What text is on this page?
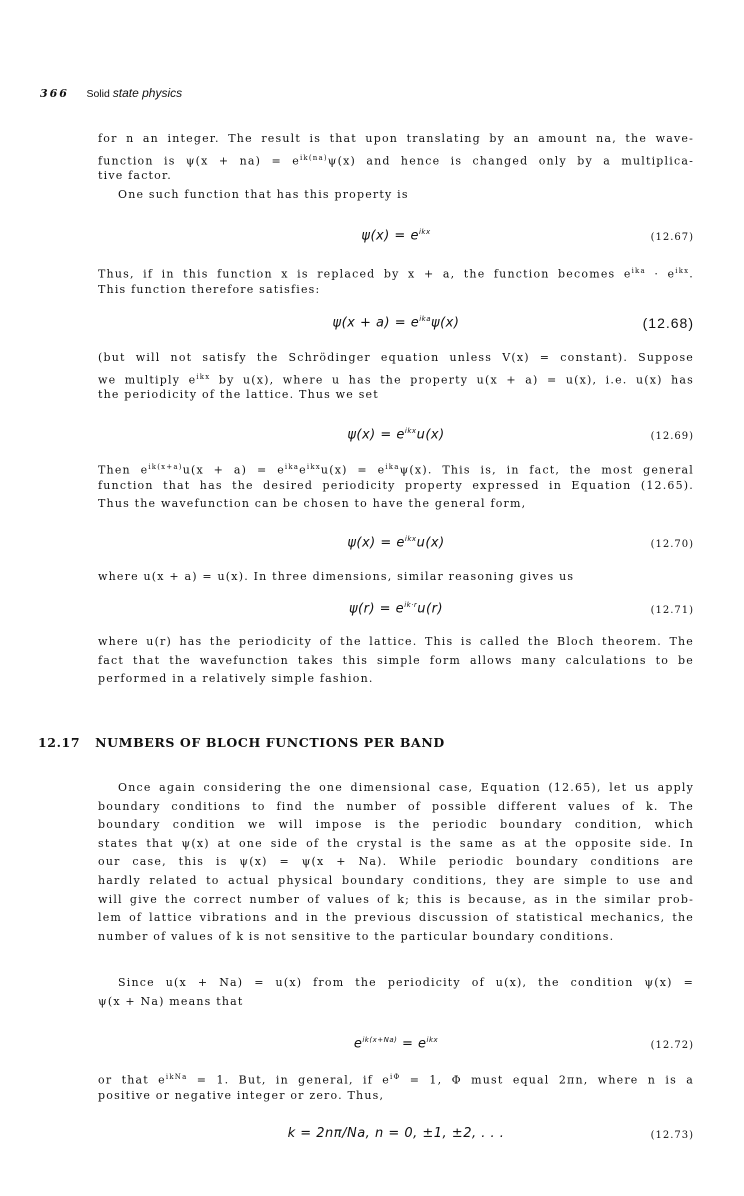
366 Solid state physics
for n an integer. The result is that upon translating by an amount na, the wave-
function is $\psi(x + na) = e^{ik(na)}\psi(x)$ and hence is changed only by a multiplica-
tive factor.
One such function that has this property is
$\psi(x) = e^{ikx}$	(12.67)
Thus, if in this function x is replaced by x + a, the function becomes $e^{ika} \cdot e^{ikx}$.
This function therefore satisfies:
$\psi(x + a) = e^{ika}\psi(x)$	(12.68)
(but will not satisfy the Schrödinger equation unless V(x) = constant). Suppose
we multiply $e^{ikx}$ by u(x), where u has the property u(x + a) = u(x), i.e. u(x) has
the periodicity of the lattice. Thus we set
$\psi(x) = e^{ikx}u(x)$	(12.69)
Then $e^{ik(x+a)}u(x + a) = e^{ika}e^{ikx}u(x) = e^{ika}\psi(x)$. This is, in fact, the most general
function that has the desired periodicity property expressed in Equation (12.65).
Thus the wavefunction can be chosen to have the general form,
$\psi(x) = e^{ikx}u(x)$	(12.70)
where u(x + a) = u(x). In three dimensions, similar reasoning gives us
$\psi(r) = e^{ik\cdot r}u(r)$	(12.71)
where u(r) has the periodicity of the lattice. This is called the Bloch theorem. The
fact that the wavefunction takes this simple form allows many calculations to be
performed in a relatively simple fashion.
12.17 NUMBERS OF BLOCH FUNCTIONS PER BAND
Once again considering the one dimensional case, Equation (12.65), let us apply
boundary conditions to find the number of possible different values of k. The
boundary condition we will impose is the periodic boundary condition, which
states that ψ(x) at one side of the crystal is the same as at the opposite side. In
our case, this is ψ(x) = ψ(x + Na). While periodic boundary conditions are
hardly related to actual physical boundary conditions, they are simple to use and
will give the correct number of values of k; this is because, as in the similar prob-
lem of lattice vibrations and in the previous discussion of statistical mechanics, the
number of values of k is not sensitive to the particular boundary conditions.
Since u(x + Na) = u(x) from the periodicity of u(x), the condition ψ(x) =
ψ(x + Na) means that
$e^{ik(x+Na)} = e^{ikx}$	(12.72)
or that $e^{ikNa} = 1$. But, in general, if $e^{i\Phi} = 1$, Φ must equal 2πn, where n is a
positive or negative integer or zero. Thus,
k = 2nπ/Na, n = 0, ±1, ±2, . . .	(12.73)
